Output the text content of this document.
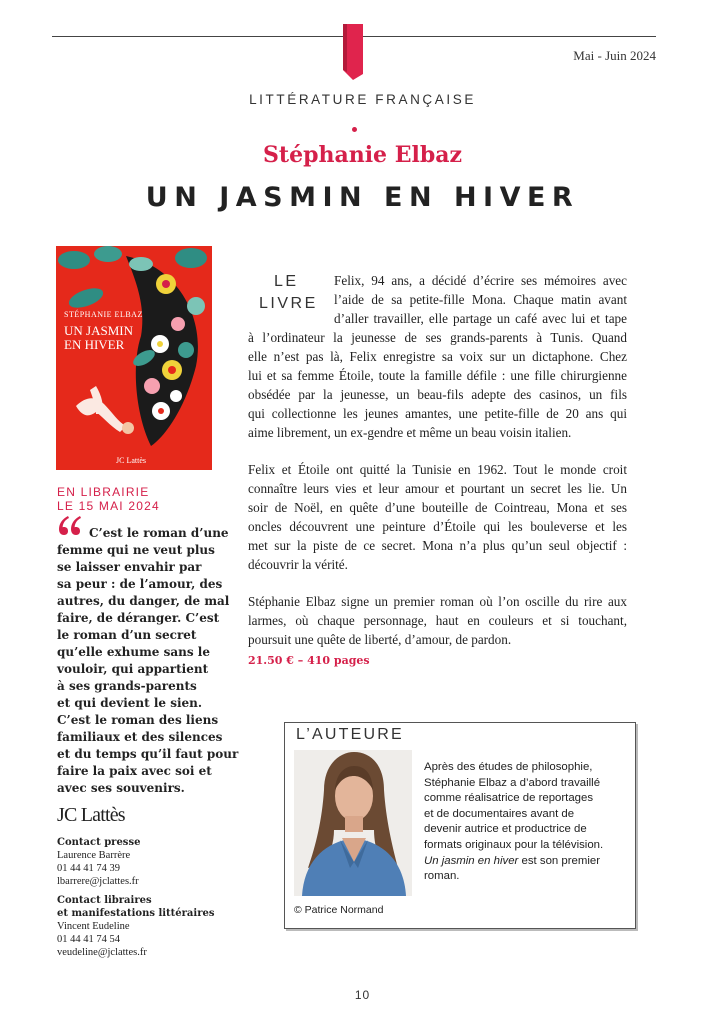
Mai - Juin 2024
LITTÉRATURE FRANÇAISE
Stéphanie Elbaz
UN JASMIN EN HIVER
STÉPHANIE ELBAZ
UN JASMIN
EN HIVER
JC Lattès
EN LIBRAIRIE
LE 15 MAI 2024

C’est le roman d’une
femme qui ne veut plus
se laisser envahir par
sa peur : de l’amour, des
autres, du danger, de mal
faire, de déranger. C’est
le roman d’un secret
qu’elle exhume sans le
vouloir, qui appartient
à ses grands-parents
et qui devient le sien.
C’est le roman des liens
familiaux et des silences
et du temps qu’il faut pour
faire la paix avec soi et
avec ses souvenirs.

JC Lattès
Contact presse
Laurence Barrère
01 44 41 74 39
lbarrere@jclattes.fr
Contact libraires
et manifestations littéraires
Vincent Eudeline
01 44 41 74 54
veudeline@jclattes.fr
LE
LIVRE

Felix, 94 ans, a décidé d’écrire ses mémoires avec
l’aide de sa petite-fille Mona. Chaque matin avant
d’aller travailler, elle partage un café avec lui et tape
à l’ordinateur la jeunesse de ses grands-parents à Tunis. Quand
elle n’est pas là, Felix enregistre sa voix sur un dictaphone. Chez
lui et sa femme Étoile, toute la famille défile : une fille chirurgienne
obsédée par la jeunesse, un beau-fils adepte des casinos, un fils
qui collectionne les jeunes amantes, une petite-fille de 20 ans qui
aime librement, un ex-gendre et même un beau voisin italien.

Felix et Étoile ont quitté la Tunisie en 1962. Tout le monde croit
connaître leurs vies et leur amour et pourtant un secret les lie. Un
soir de Noël, en quête d’une bouteille de Cointreau, Mona et ses
oncles découvrent une peinture d’Étoile qui les bouleverse et les
met sur la piste de ce secret. Mona n’a plus qu’un seul objectif :
découvrir la vérité.

Stéphanie Elbaz signe un premier roman où l’on oscille du rire aux
larmes, où chaque personnage, haut en couleurs et si touchant,
poursuit une quête de liberté, d’amour, de pardon.

21.50 € – 410 pages
L’AUTEURE
© Patrice Normand
Après des études de philosophie,
Stéphanie Elbaz a d’abord travaillé
comme réalisatrice de reportages
et de documentaires avant de
devenir autrice et productrice de
formats originaux pour la télévision.
Un jasmin en hiver est son premier
roman.
10
